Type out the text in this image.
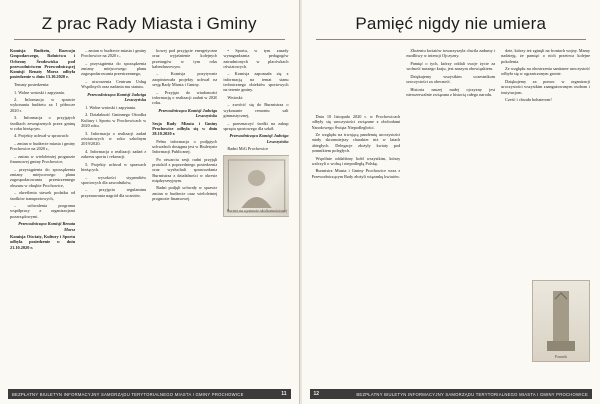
Z prac Rady Miasta i Gminy

Komisja Budżetu, Rozwoju Gospodarczego, Rolnictwa i Ochrony Środowiska pod przewodnictwem Przewodniczącej Komisji Renaty Morsz odbyła posiedzenie w dniu 13.10.2020 r.

Tematy posiedzenia:

1. Wolne wnioski i zapytania.

2. Informacja w sprawie wykonania budżetu za I półrocze 2020 r.

3. Informacja o przyjętych środkach zewnętrznych przez gminę w roku bieżącym.

4. Projekty uchwał w sprawach:

– zmian w budżecie miasta i gminy Prochowice na 2020 r.,

– zmian w wieloletniej prognozie finansowej gminy Prochowice,

– przystąpienia do sporządzenia zmiany miejscowego planu zagospodarowania przestrzennego obszaru w obrębie Prochowice,

– określenia stawek podatku od środków transportowych,

– uchwalenia programu współpracy z organizacjami pozarządowymi.

Przewodnicząca Komisji Renata Morsz

Komisja Oświaty, Kultury i Sportu odbyła posiedzenie w dniu 21.10.2020 r.

– zmian w budżecie miasta i gminy Prochowice na 2020 r.,

– przystąpienia do sporządzenia zmiany miejscowego planu zagospodarowania przestrzennego,

– utworzenia Centrum Usług Wspólnych oraz nadania mu statutu.

Przewodnicząca Komisji Jadwiga Leszczyńska

1. Wolne wnioski i zapytania.

2. Działalność Gminnego Ośrodka Kultury i Sportu w Prochowicach w 2020 roku.

3. Informacja o realizacji zadań oświatowych w roku szkolnym 2019/2020.

4. Informacja o realizacji zadań z zakresu sportu i rekreacji.

5. Projekty uchwał w sprawach bieżących.

– wysokości stypendiów sportowych dla zawodników,

– przyjęcia regulaminu przyznawania nagród dla uczniów.

kowej pod przyjęcie energetyczne oraz wyjaśnienie kolejnych przetargów w tym roku kalendarzowym.

– Komisja pozytywnie zaopiniowała projekty uchwał na sesję Rady Miasta i Gminy.

– Przyjęto do wiadomości informację o realizacji zadań w 2020 roku.

Przewodnicząca Komisji Jadwiga Leszczyńska

Sesja Rady Miasta i Gminy Prochowice odbyła się w dniu 28.10.2020 r.

Pełna informacja o podjętych uchwałach dostępna jest w Biuletynie Informacji Publicznej.

Po otwarciu sesji radni przyjęli protokół z poprzedniego posiedzenia oraz wysłuchali sprawozdania Burmistrza z działalności w okresie międzysesyjnym.

Radni podjęli uchwały w sprawie zmian w budżecie oraz wieloletniej prognozie finansowej.

• Sportu, w tym zasady wynagradzania pedagogów zatrudnionych w placówkach oświatowych.

– Komisja zapoznała się z informacją na temat stanu technicznego obiektów sportowych na terenie gminy.

Wnioski:

– zwrócić się do Burmistrza o wykonanie remontu sali gimnastycznej,

– przeznaczyć środki na zakup sprzętu sportowego dla szkół.

Przewodnicząca Komisji Jadwiga Leszczyńska

Radni MiG Prochowice

Portret na wystawie okolicznościowej
BEZPŁATNY BIULETYN INFORMACYJNY SAMORZĄDU TERYTORIALNEGO MIASTA I GMINY PROCHOWICE	11
Pamięć nigdy nie umiera

Dnia 10 listopada 2020 r. w Prochowicach odbyły się uroczystości związane z obchodami Narodowego Święta Niepodległości.

Ze względu na trwającą pandemię uroczystości miały skromniejszy charakter niż w latach ubiegłych. Delegacje złożyły kwiaty pod pomnikiem poległych.

Wspólnie oddaliśmy hołd wszystkim, którzy walczyli o wolną i niepodległą Polskę.

Burmistrz Miasta i Gminy Prochowice wraz z Przewodniczącym Rady złożyli wiązankę kwiatów.

Złożeniu kwiatów towarzyszyła chwila zadumy i modlitwy w intencji Ojczyzny.

Pamięć o tych, którzy oddali swoje życie za wolność naszego kraju, jest naszym obowiązkiem.

Dziękujemy wszystkim uczestnikom uroczystości za obecność.

Historia naszej małej ojczyzny jest nierozerwalnie związana z historią całego narodu.

dzie, którzy też zginęli na frontach wojny. Mamy nadzieję, że pamięć o nich przetrwa kolejne pokolenia.

Ze względu na obostrzenia sanitarne uroczystość odbyła się w ograniczonym gronie.

Dziękujemy za pomoc w organizacji uroczystości wszystkim zaangażowanym osobom i instytucjom.

Cześć i chwała bohaterom!

Pomnik
12	BEZPŁATNY BIULETYN INFORMACYJNY SAMORZĄDU TERYTORIALNEGO MIASTA I GMINY PROCHOWICE
